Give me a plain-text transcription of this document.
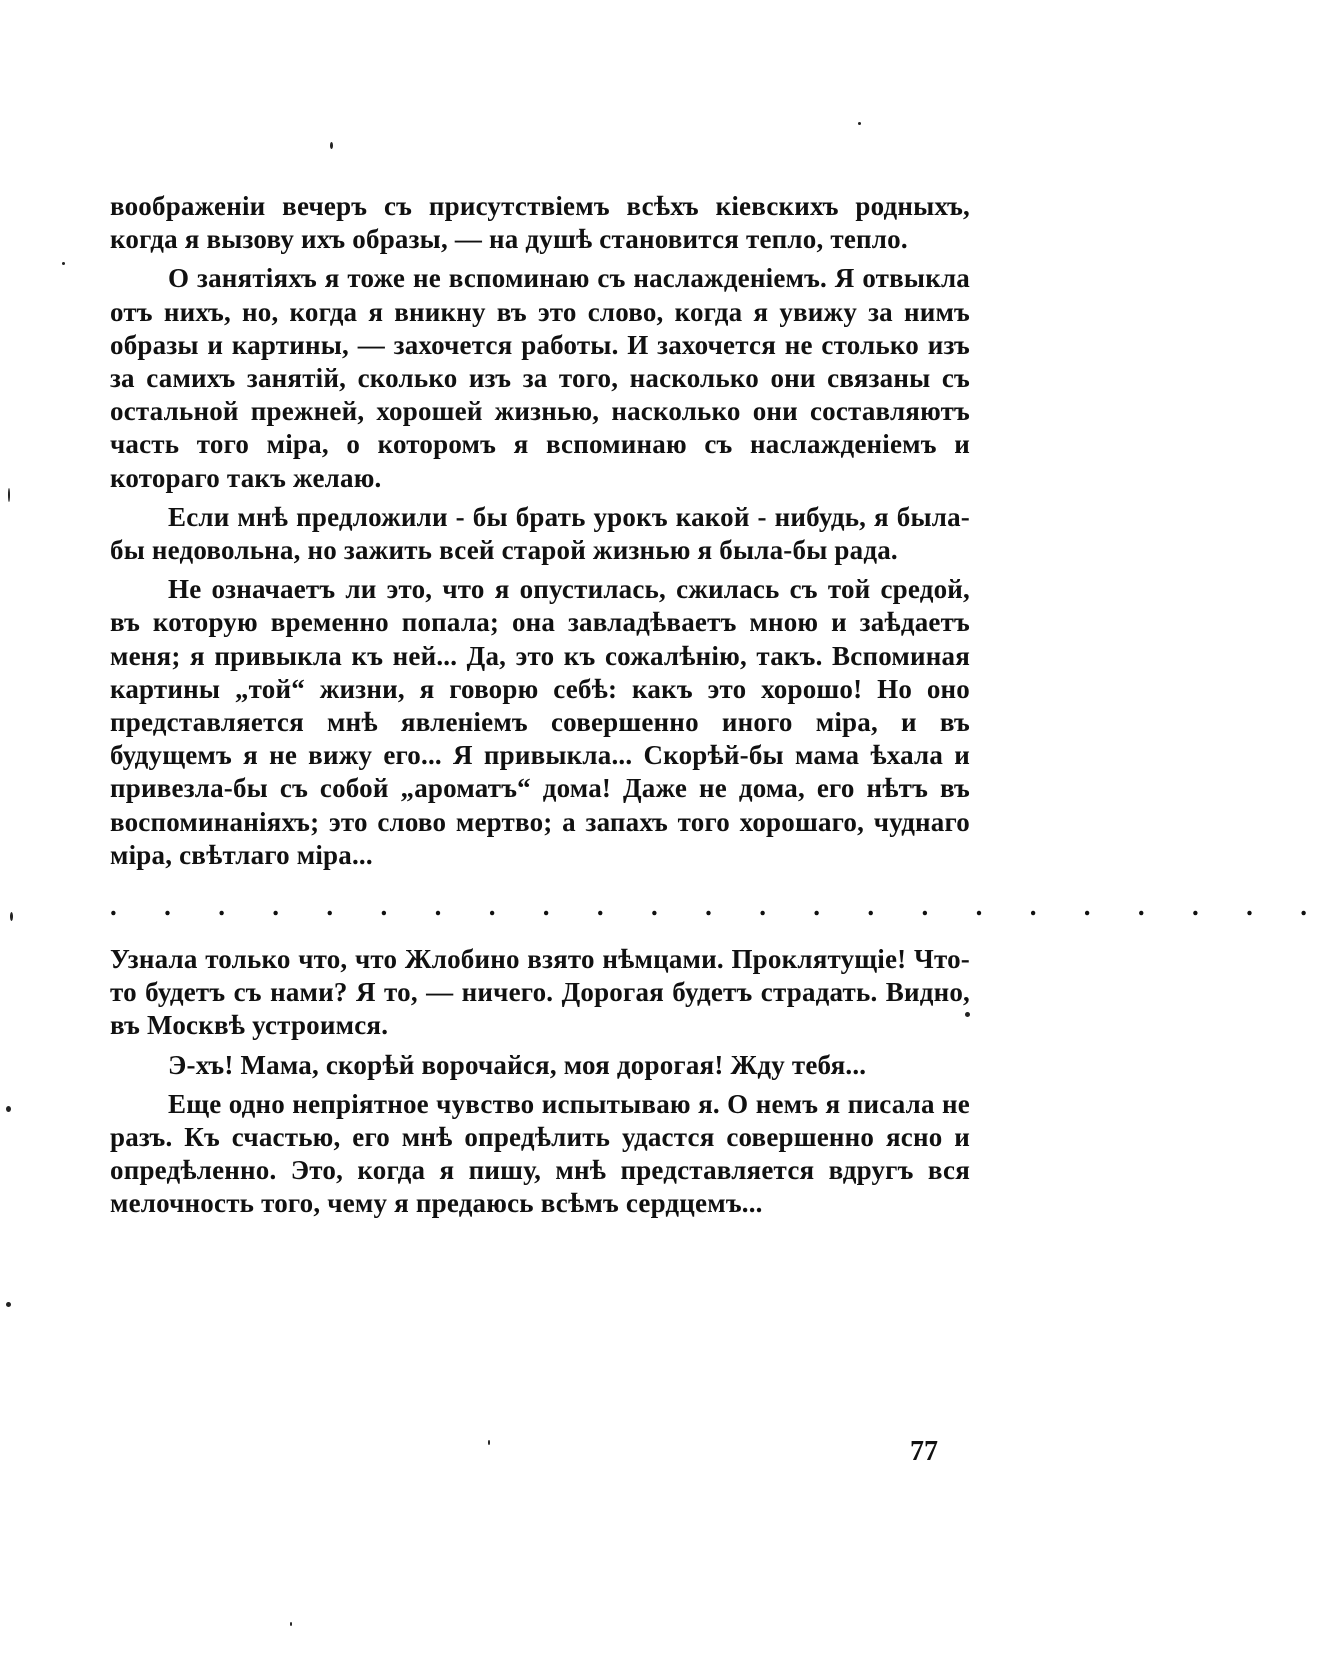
воображенiи вечеръ съ присутствiемъ всѣхъ кiевскихъ родныхъ, когда я вызову ихъ образы, — на душѣ становится тепло, тепло.

О занятiяхъ я тоже не вспоминаю съ наслажденiемъ. Я отвыкла отъ нихъ, но, когда я вникну въ это слово, когда я увижу за нимъ образы и картины, — захочется работы. И захочется не столько изъ за самихъ занятiй, сколько изъ за того, насколько они связаны съ остальной прежней, хорошей жизнью, насколько они составляютъ часть того мiра, о которомъ я вспоминаю съ наслажденiемъ и котораго такъ желаю.

Если мнѣ предложили - бы брать урокъ какой - нибудь, я была-бы недовольна, но зажить всей старой жизнью я была-бы рада.

Не означаетъ ли это, что я опустилась, сжилась съ той средой, въ которую временно попала; она завладѣваетъ мною и заѣдаетъ меня; я привыкла къ ней... Да, это къ сожалѣнiю, такъ. Вспоминая картины „той“ жизни, я говорю себѣ: какъ это хорошо! Но оно представляется мнѣ явленiемъ совершенно иного мiра, и въ будущемъ я не вижу его... Я привыкла... Скорѣй-бы мама ѣхала и привезла-бы съ собой „ароматъ“ дома! Даже не дома, его нѣтъ въ воспоминанiяхъ; это слово мертво; а запахъ того хорошаго, чуднаго мiра, свѣтлаго мiра...

. . . . . . . . . . . . . . . . . . . . . . .

Узнала только что, что Жлобино взято нѣмцами. Проклятущiе! Что-то будетъ съ нами? Я то, — ничего. Дорогая будетъ страдать. Видно, въ Москвѣ устроимся.

Э-хъ! Мама, скорѣй ворочайся, моя дорогая! Жду тебя...

Еще одно непрiятное чувство испытываю я. О немъ я писала не разъ. Къ счастью, его мнѣ опредѣлить удастся совершенно ясно и опредѣленно. Это, когда я пишу, мнѣ представляется вдругъ вся мелочность того, чему я предаюсь всѣмъ сердцемъ...

77
